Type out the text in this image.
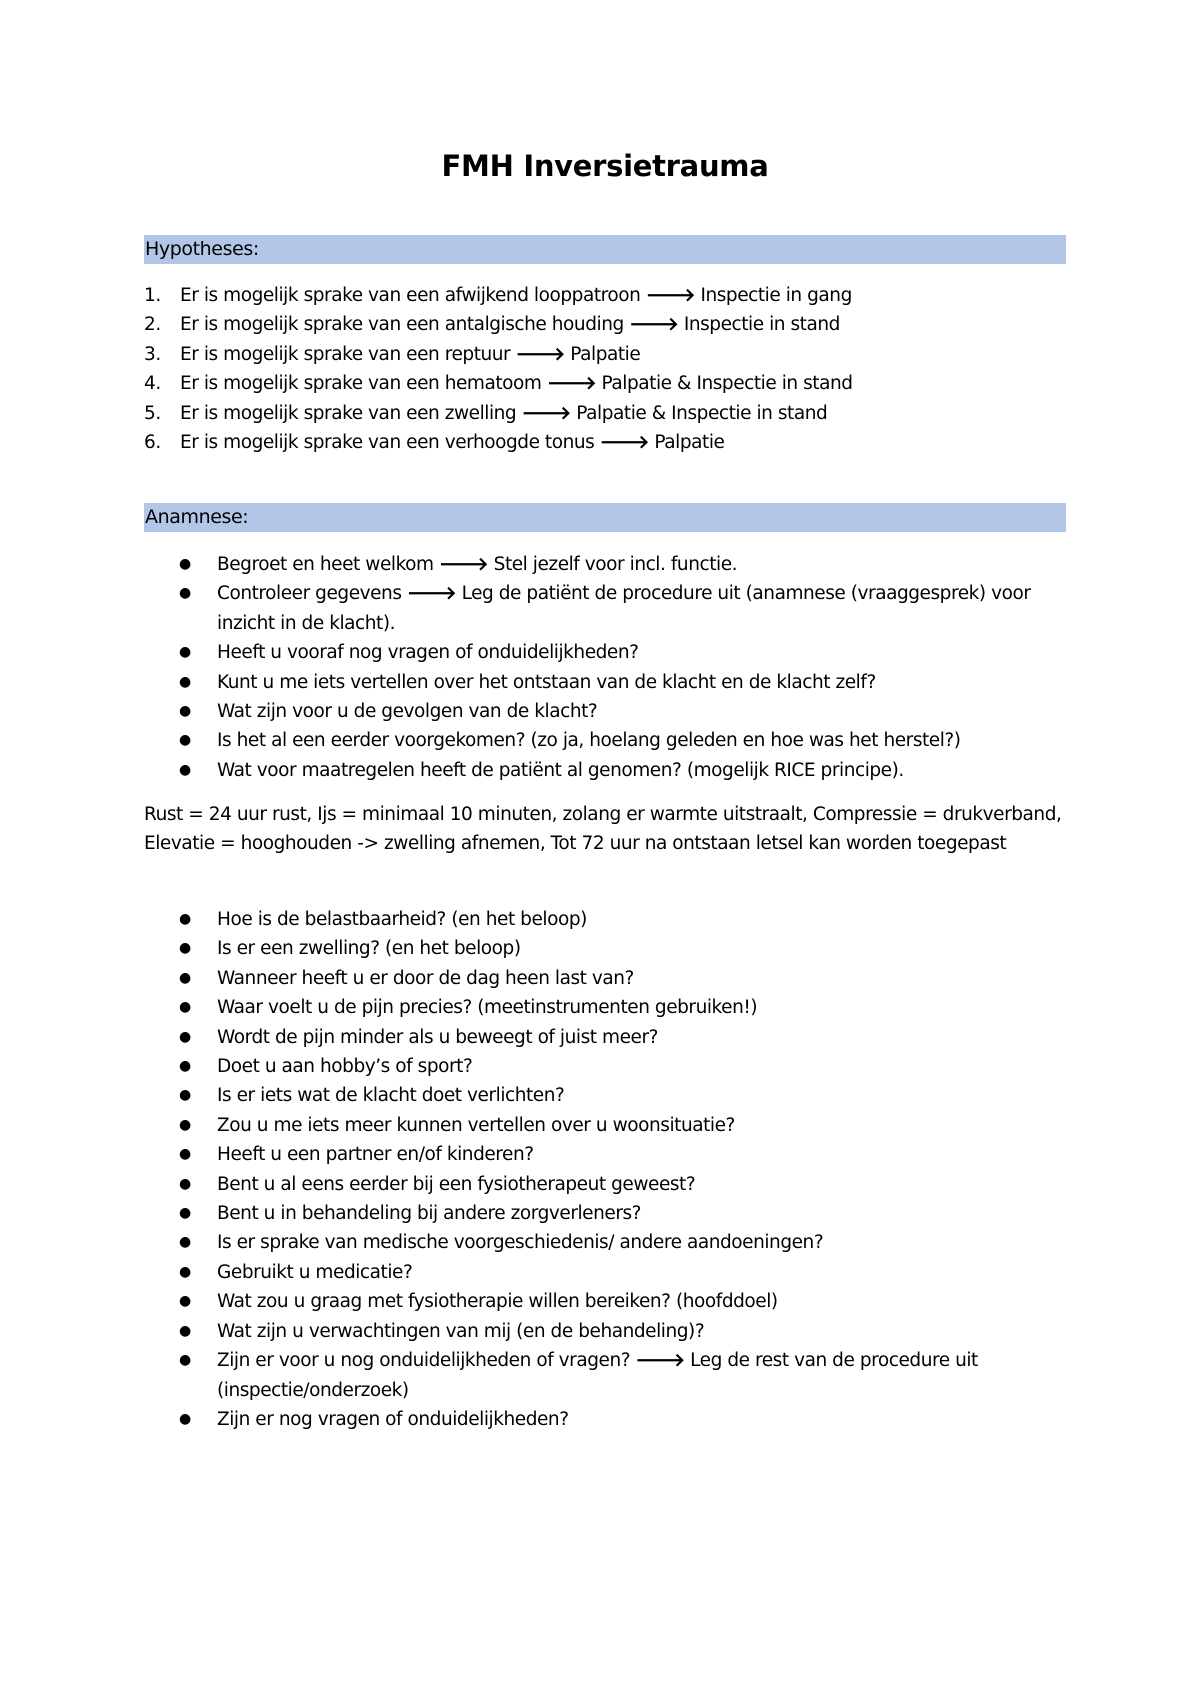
FMH Inversietrauma
Hypotheses:
1. Er is mogelijk sprake van een afwijkend looppatroon 🡒 Inspectie in gang
2. Er is mogelijk sprake van een antalgische houding 🡒 Inspectie in stand
3. Er is mogelijk sprake van een reptuur 🡒 Palpatie
4. Er is mogelijk sprake van een hematoom 🡒 Palpatie & Inspectie in stand
5. Er is mogelijk sprake van een zwelling 🡒 Palpatie & Inspectie in stand
6. Er is mogelijk sprake van een verhoogde tonus 🡒 Palpatie
Anamnese:
● Begroet en heet welkom 🡒 Stel jezelf voor incl. functie.
● Controleer gegevens 🡒 Leg de patiënt de procedure uit (anamnese (vraaggesprek) voor inzicht in de klacht).
● Heeft u vooraf nog vragen of onduidelijkheden?
● Kunt u me iets vertellen over het ontstaan van de klacht en de klacht zelf?
● Wat zijn voor u de gevolgen van de klacht?
● Is het al een eerder voorgekomen? (zo ja, hoelang geleden en hoe was het herstel?)
● Wat voor maatregelen heeft de patiënt al genomen? (mogelijk RICE principe).

Rust = 24 uur rust, Ijs = minimaal 10 minuten, zolang er warmte uitstraalt, Compressie = drukverband, Elevatie = hooghouden -> zwelling afnemen, Tot 72 uur na ontstaan letsel kan worden toegepast

● Hoe is de belastbaarheid? (en het beloop)
● Is er een zwelling? (en het beloop)
● Wanneer heeft u er door de dag heen last van?
● Waar voelt u de pijn precies? (meetinstrumenten gebruiken!)
● Wordt de pijn minder als u beweegt of juist meer?
● Doet u aan hobby’s of sport?
● Is er iets wat de klacht doet verlichten?
● Zou u me iets meer kunnen vertellen over u woonsituatie?
● Heeft u een partner en/of kinderen?
● Bent u al eens eerder bij een fysiotherapeut geweest?
● Bent u in behandeling bij andere zorgverleners?
● Is er sprake van medische voorgeschiedenis/ andere aandoeningen?
● Gebruikt u medicatie?
● Wat zou u graag met fysiotherapie willen bereiken? (hoofddoel)
● Wat zijn u verwachtingen van mij (en de behandeling)?
● Zijn er voor u nog onduidelijkheden of vragen? 🡒 Leg de rest van de procedure uit (inspectie/onderzoek)
● Zijn er nog vragen of onduidelijkheden?
